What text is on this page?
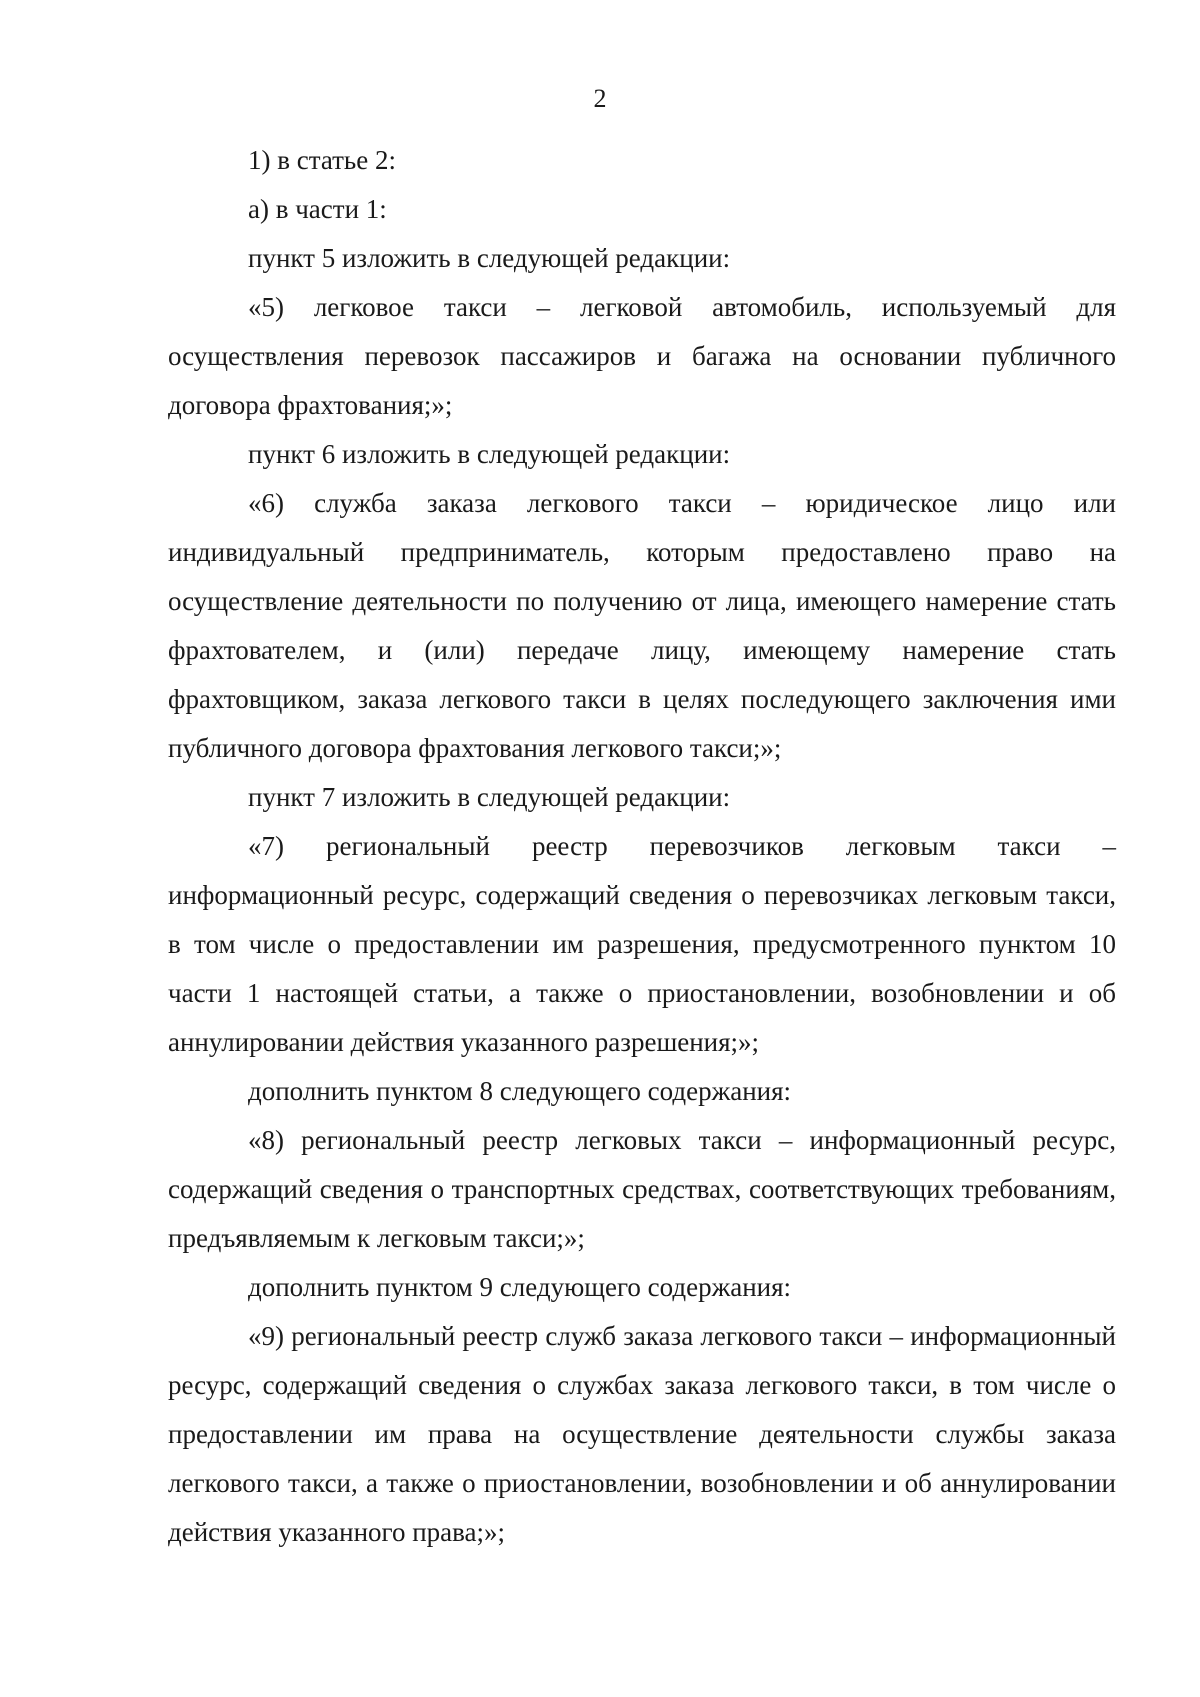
2

1) в статье 2:

а) в части 1:

пункт 5 изложить в следующей редакции:

«5) легковое такси – легковой автомобиль, используемый для осуществления перевозок пассажиров и багажа на основании публичного договора фрахтования;»;

пункт 6 изложить в следующей редакции:

«6) служба заказа легкового такси – юридическое лицо или индивидуальный предприниматель, которым предоставлено право на осуществление деятельности по получению от лица, имеющего намерение стать фрахтователем, и (или) передаче лицу, имеющему намерение стать фрахтовщиком, заказа легкового такси в целях последующего заключения ими публичного договора фрахтования легкового такси;»;

пункт 7 изложить в следующей редакции:

«7) региональный реестр перевозчиков легковым такси – информационный ресурс, содержащий сведения о перевозчиках легковым такси, в том числе о предоставлении им разрешения, предусмотренного пунктом 10 части 1 настоящей статьи, а также о приостановлении, возобновлении и об аннулировании действия указанного разрешения;»;

дополнить пунктом 8 следующего содержания:

«8) региональный реестр легковых такси – информационный ресурс, содержащий сведения о транспортных средствах, соответствующих требованиям, предъявляемым к легковым такси;»;

дополнить пунктом 9 следующего содержания:

«9) региональный реестр служб заказа легкового такси – информационный ресурс, содержащий сведения о службах заказа легкового такси, в том числе о предоставлении им права на осуществление деятельности службы заказа легкового такси, а также о приостановлении, возобновлении и об аннулировании действия указанного права;»;
